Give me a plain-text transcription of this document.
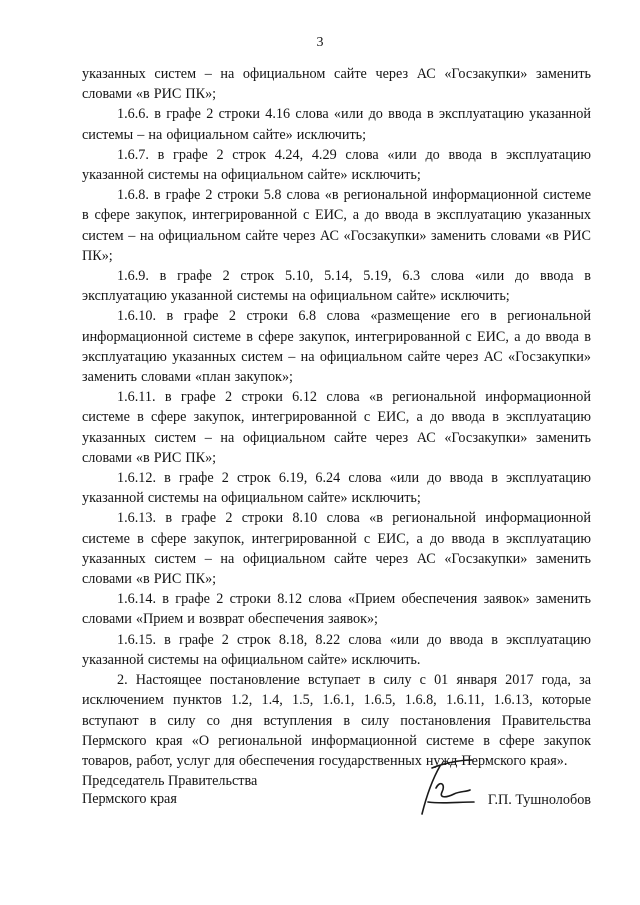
3

указанных систем – на официальном сайте через АС «Госзакупки» заменить словами «в РИС ПК»;

1.6.6. в графе 2 строки 4.16 слова «или до ввода в эксплуатацию указанной системы – на официальном сайте» исключить;

1.6.7. в графе 2 строк 4.24, 4.29 слова «или до ввода в эксплуатацию указанной системы на официальном сайте» исключить;

1.6.8. в графе 2 строки 5.8 слова «в региональной информационной системе в сфере закупок, интегрированной с ЕИС, а до ввода в эксплуатацию указанных систем – на официальном сайте через АС «Госзакупки» заменить словами «в РИС ПК»;

1.6.9. в графе 2 строк 5.10, 5.14, 5.19, 6.3 слова «или до ввода в эксплуатацию указанной системы на официальном сайте» исключить;

1.6.10. в графе 2 строки 6.8 слова «размещение его в региональной информационной системе в сфере закупок, интегрированной с ЕИС, а до ввода в эксплуатацию указанных систем – на официальном сайте через АС «Госзакупки» заменить словами «план закупок»;

1.6.11. в графе 2 строки 6.12 слова «в региональной информационной системе в сфере закупок, интегрированной с ЕИС, а до ввода в эксплуатацию указанных систем – на официальном сайте через АС «Госзакупки» заменить словами «в РИС ПК»;

1.6.12. в графе 2 строк 6.19, 6.24 слова «или до ввода в эксплуатацию указанной системы на официальном сайте» исключить;

1.6.13. в графе 2 строки 8.10 слова «в региональной информационной системе в сфере закупок, интегрированной с ЕИС, а до ввода в эксплуатацию указанных систем – на официальном сайте через АС «Госзакупки» заменить словами «в РИС ПК»;

1.6.14. в графе 2 строки 8.12 слова «Прием обеспечения заявок» заменить словами «Прием и возврат обеспечения заявок»;

1.6.15. в графе 2 строк 8.18, 8.22 слова «или до ввода в эксплуатацию указанной системы на официальном сайте» исключить.

2. Настоящее постановление вступает в силу с 01 января 2017 года, за исключением пунктов 1.2, 1.4, 1.5, 1.6.1, 1.6.5, 1.6.8, 1.6.11, 1.6.13, которые вступают в силу со дня вступления в силу постановления Правительства Пермского края «О региональной информационной системе в сфере закупок товаров, работ, услуг для обеспечения государственных нужд Пермского края».

Председатель Правительства
Пермского края	Г.П. Тушнолобов
